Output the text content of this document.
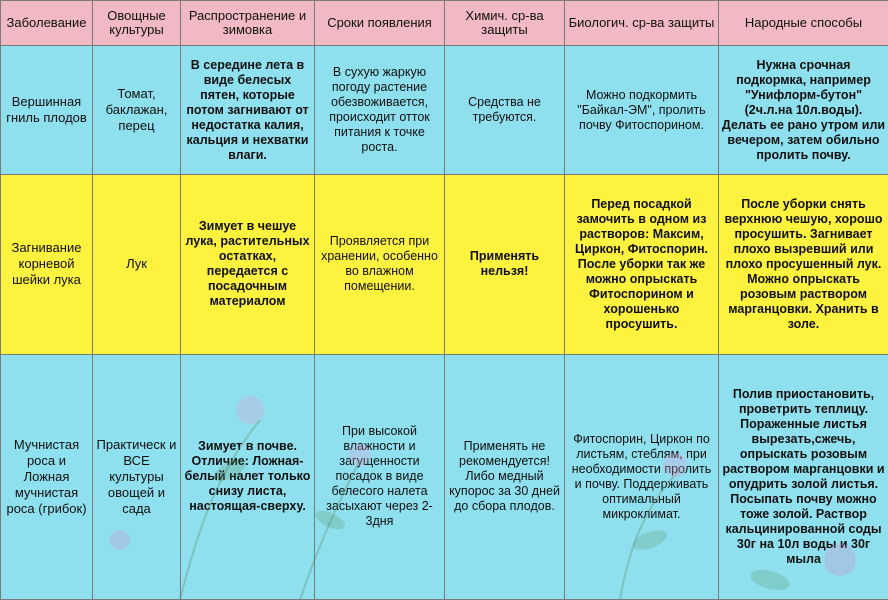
Заболевание	Овощные культуры	Распространение и зимовка	Сроки появления	Химич. ср-ва защиты	Биологич. ср-ва защиты	Народные способы
Вершинная гниль плодов	Томат, баклажан, перец	В середине лета в виде белесых пятен, которые потом загнивают от недостатка калия, кальция и нехватки влаги.	В сухую жаркую погоду растение обезвоживается, происходит отток питания к точке роста.	Средства не требуются.	Можно подкормить "Байкал-ЭМ", пролить почву Фитоспорином.	Нужна срочная подкормка, например "Унифлорм-бутон" (2ч.л.на 10л.воды). Делать ее рано утром или вечером, затем обильно пролить почву.
Загнивание корневой шейки лука	Лук	Зимует в чешуе лука, растительных остатках, передается с посадочным материалом	Проявляется при хранении, особенно во влажном помещении.	Применять нельзя!	Перед посадкой замочить в одном из растворов: Максим, Циркон, Фитоспорин. После уборки так же можно опрыскать Фитоспорином и хорошенько просушить.	После уборки снять верхнюю чешую, хорошо просушить. Загнивает плохо вызревший или плохо просушенный лук. Можно опрыскать розовым раствором марганцовки. Хранить в золе.
Мучнистая роса и Ложная мучнистая роса (грибок)	Практическ и ВСЕ культуры овощей и сада	Зимует в почве. Отличие: Ложная-белый налет только снизу листа, настоящая-сверху.	При высокой влажности и загущенности посадок в виде белесого налета засыхают через 2-3дня	Применять не рекомендуется! Либо медный купорос за 30 дней до сбора плодов.	Фитоспорин, Циркон по листьям, стеблям, при необходимости пролить и почву. Поддерживать оптимальный микроклимат.	Полив приостановить, проветрить теплицу. Пораженные листья вырезать,сжечь, опрыскать розовым раствором марганцовки и опудрить золой листья. Посыпать почву можно тоже золой. Раствор кальцинированной соды 30г на 10л воды и 30г мыла
